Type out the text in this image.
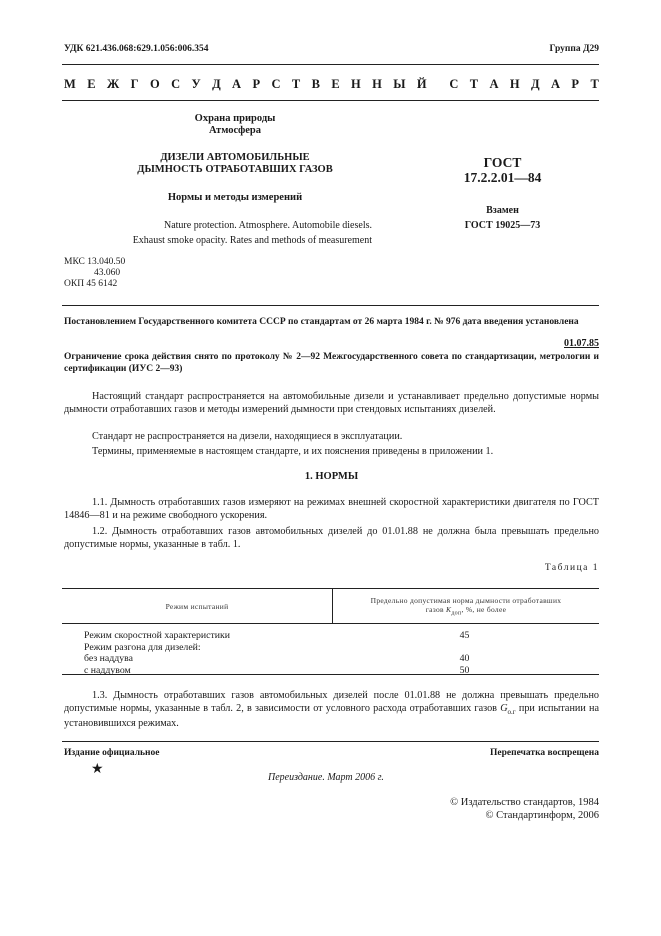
УДК 621.436.068:629.1.056:006.354	Группа Д29
М Е Ж Г О С У Д А Р С Т В Е Н Н Ы Й С Т А Н Д А Р Т
Охрана природы
Атмосфера
ДИЗЕЛИ АВТОМОБИЛЬНЫЕ
ДЫМНОСТЬ ОТРАБОТАВШИХ ГАЗОВ
Нормы и методы измерений
Nature protection. Atmosphere. Automobile diesels.
Exhaust smoke opacity. Rates and methods of measurement
ГОСТ
17.2.2.01—84
Взамен
ГОСТ 19025—73
МКС 13.040.50
43.060
ОКП 45 6142
Постановлением Государственного комитета СССР по стандартам от 26 марта 1984 г. № 976 дата введения установлена
01.07.85
Ограничение срока действия снято по протоколу № 2—92 Межгосударственного совета по стандартизации, метрологии и сертификации (ИУС 2—93)
Настоящий стандарт распространяется на автомобильные дизели и устанавливает предельно допустимые нормы дымности отработавших газов и методы измерений дымности при стендовых испытаниях дизелей.
Стандарт не распространяется на дизели, находящиеся в эксплуатации.
Термины, применяемые в настоящем стандарте, и их пояснения приведены в приложении 1.
1. НОРМЫ
1.1. Дымность отработавших газов измеряют на режимах внешней скоростной характеристики двигателя по ГОСТ 14846—81 и на режиме свободного ускорения.
1.2. Дымность отработавших газов автомобильных дизелей до 01.01.88 не должна была превышать предельно допустимые нормы, указанные в табл. 1.
Таблица 1
Режим испытаний	
Предельно допустимая норма дымности отработавших
газов $К_{доп}$, %, не более
Режим скоростной характеристики	45
Режим разгона для дизелей:
без наддува	40
с наддувом	50
1.3. Дымность отработавших газов автомобильных дизелей после 01.01.88 не должна превышать предельно допустимые нормы, указанные в табл. 2, в зависимости от условного расхода отработавших газов $G_{о.г}$ при испытании на установившихся режимах.
Издание официальное	Перепечатка воспрещена
★
Переиздание. Март 2006 г.
© Издательство стандартов, 1984
© Стандартинформ, 2006
